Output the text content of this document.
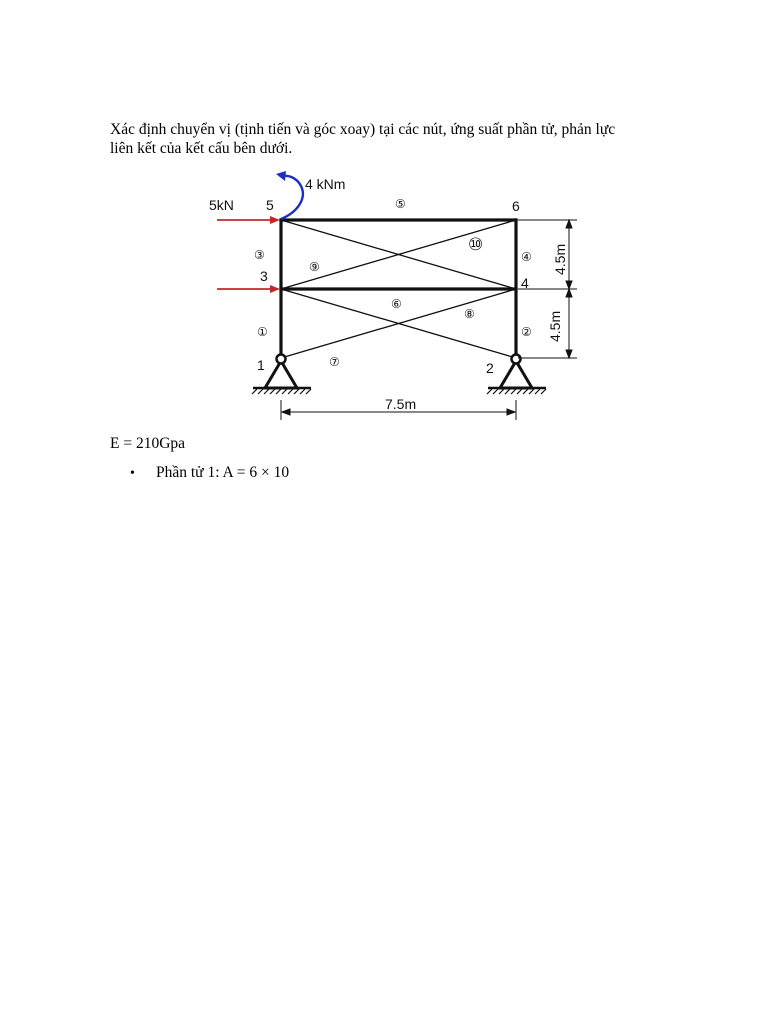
Xác định chuyển vị (tịnh tiến và góc xoay) tại các nút, ứng suất phần tử, phản lực
liên kết của kết cấu bên dưới.
4 kNm
5kN
1	2
3	4
5	6
①	②
③	④
⑤
⑥
⑦
⑧
⑨
⑩
7.5m
4.5m
4.5m
E = 210Gpa
• Phần tử 1: A = 6 × 10
